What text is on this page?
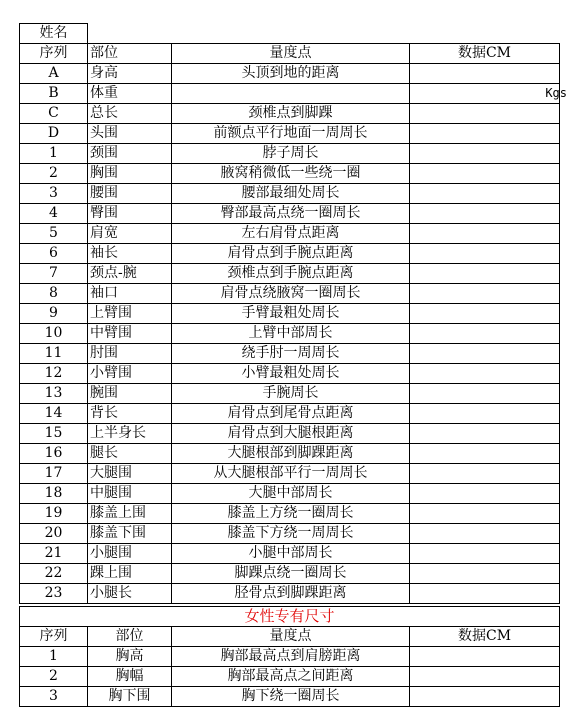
姓名			
序列	部位	量度点	数据CM
A	身高	头顶到地的距离	
B	体重		Kgs
C	总长	颈椎点到脚踝	
D	头围	前额点平行地面一周周长	
1	颈围	脖子周长	
2	胸围	腋窝稍微低一些绕一圈	
3	腰围	腰部最细处周长	
4	臀围	臀部最高点绕一圈周长	
5	肩宽	左右肩骨点距离	
6	袖长	肩骨点到手腕点距离	
7	颈点-腕	颈椎点到手腕点距离	
8	袖口	肩骨点绕腋窝一圈周长	
9	上臂围	手臂最粗处周长	
10	中臂围	上臂中部周长	
11	肘围	绕手肘一周周长	
12	小臂围	小臂最粗处周长	
13	腕围	手腕周长	
14	背长	肩骨点到尾骨点距离	
15	上半身长	肩骨点到大腿根距离	
16	腿长	大腿根部到脚踝距离	
17	大腿围	从大腿根部平行一周周长	
18	中腿围	大腿中部周长	
19	膝盖上围	膝盖上方绕一圈周长	
20	膝盖下围	膝盖下方绕一周周长	
21	小腿围	小腿中部周长	
22	踝上围	脚踝点绕一圈周长	
23	小腿长	胫骨点到脚踝距离	
女性专有尺寸			
序列	部位	量度点	数据CM
1	胸高	胸部最高点到肩膀距离	
2	胸幅	胸部最高点之间距离	
3	胸下围	胸下绕一圈周长	
